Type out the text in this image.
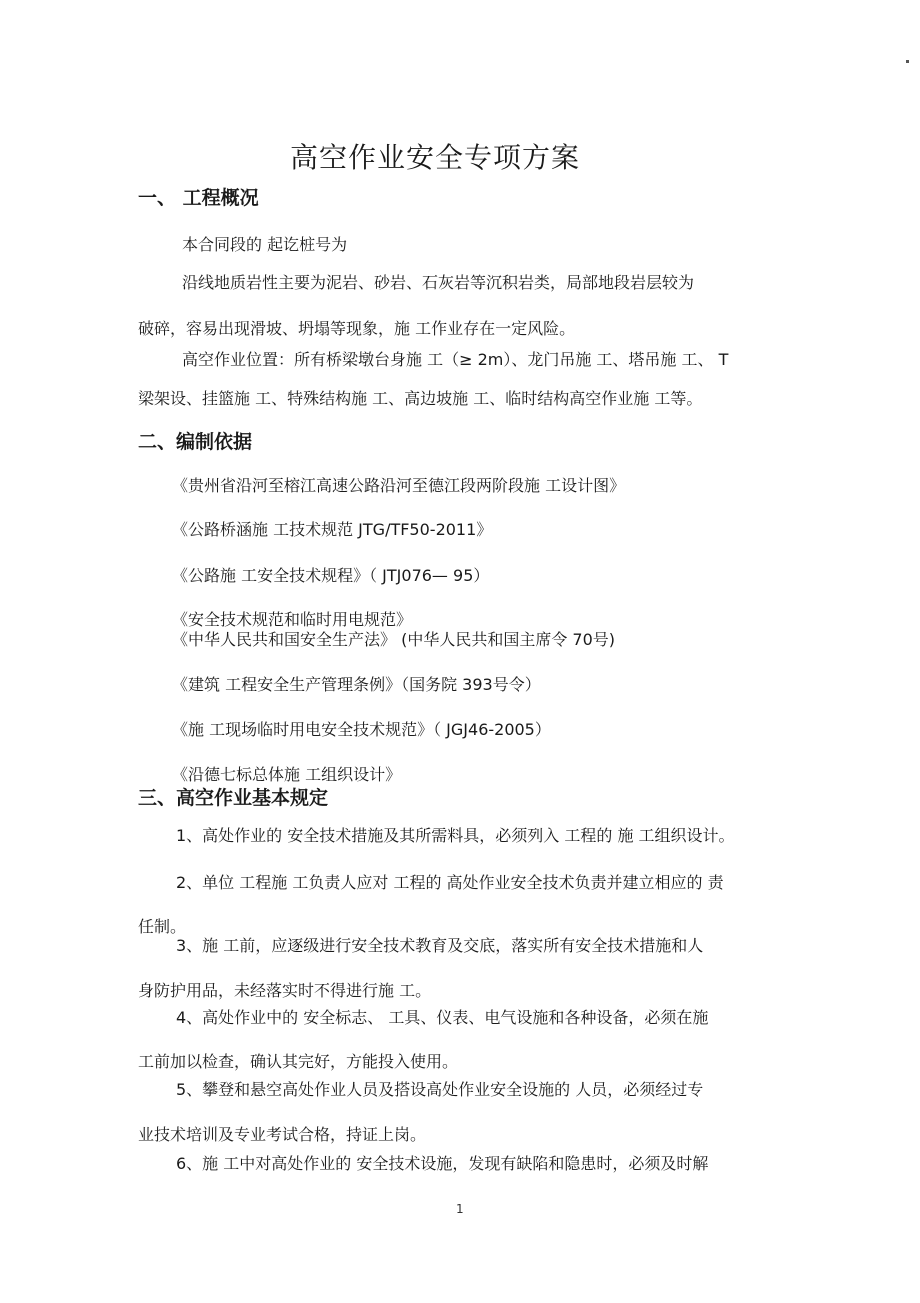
高空作业安全专项方案
一、 工程概况
本合同段的 起讫桩号为
沿线地质岩性主要为泥岩、砂岩、石灰岩等沉积岩类，局部地段岩层较为
破碎，容易出现滑坡、坍塌等现象，施 工作业存在一定风险。
高空作业位置：所有桥梁墩台身施 工（≥ 2m）、龙门吊施 工、塔吊施 工、 T
梁架设、挂篮施 工、特殊结构施 工、高边坡施 工、临时结构高空作业施 工等。
二、编制依据
《贵州省沿河至榕江高速公路沿河至德江段两阶段施 工设计图》
《公路桥涵施 工技术规范 JTG/TF50-2011》
《公路施 工安全技术规程》（ JTJ076— 95）
《安全技术规范和临时用电规范》
《中华人民共和国安全生产法》 (中华人民共和国主席令 70号)
《建筑 工程安全生产管理条例》（国务院 393号令）
《施 工现场临时用电安全技术规范》（ JGJ46-2005）
《沿德七标总体施 工组织设计》
三、高空作业基本规定
1、高处作业的 安全技术措施及其所需料具，必须列入 工程的 施 工组织设计。
2、单位 工程施 工负责人应对 工程的 高处作业安全技术负责并建立相应的 责
任制。
3、施 工前，应逐级进行安全技术教育及交底，落实所有安全技术措施和人
身防护用品，未经落实时不得进行施 工。
4、高处作业中的 安全标志、 工具、仪表、电气设施和各种设备，必须在施
工前加以检查，确认其完好，方能投入使用。
5、攀登和悬空高处作业人员及搭设高处作业安全设施的 人员，必须经过专
业技术培训及专业考试合格，持证上岗。
6、施 工中对高处作业的 安全技术设施，发现有缺陷和隐患时，必须及时解
1
